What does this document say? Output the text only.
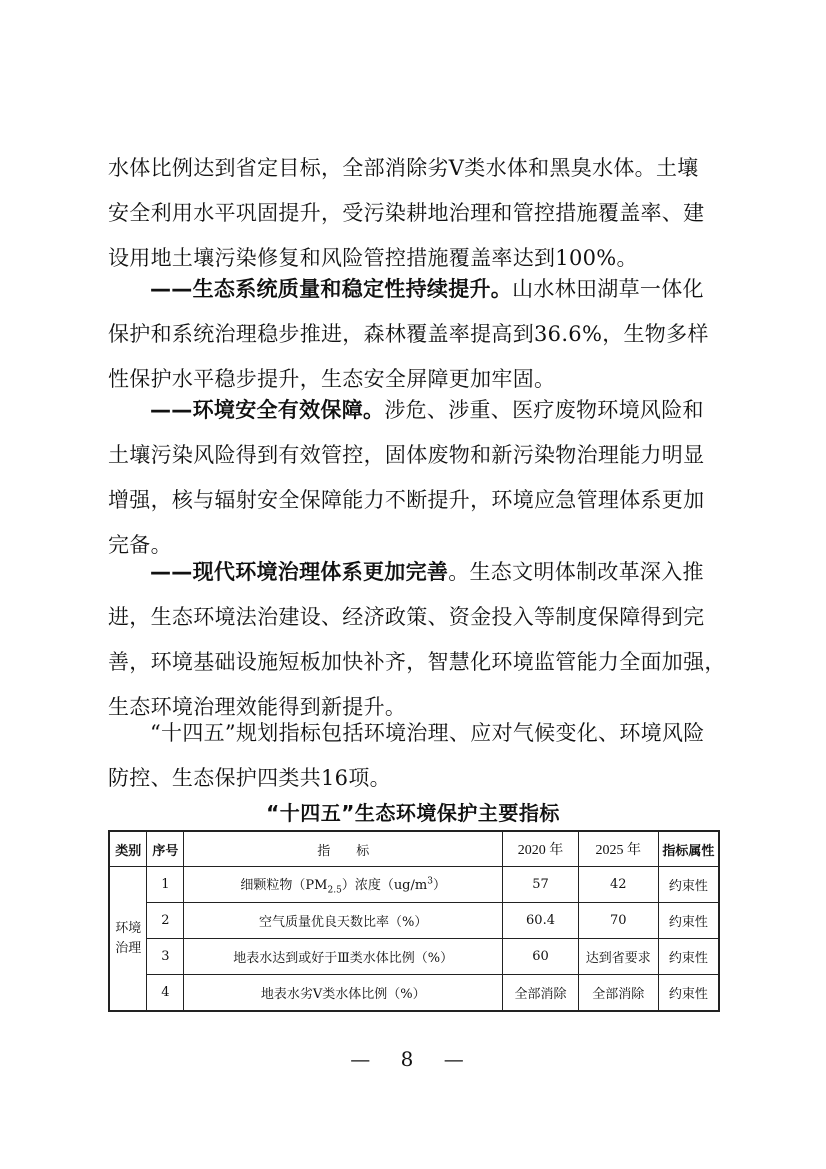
水体比例达到省定目标，全部消除劣V类水体和黑臭水体。土壤
安全利用水平巩固提升，受污染耕地治理和管控措施覆盖率、建
设用地土壤污染修复和风险管控措施覆盖率达到100%。
——生态系统质量和稳定性持续提升。山水林田湖草一体化
保护和系统治理稳步推进，森林覆盖率提高到36.6%，生物多样
性保护水平稳步提升，生态安全屏障更加牢固。
——环境安全有效保障。涉危、涉重、医疗废物环境风险和
土壤污染风险得到有效管控，固体废物和新污染物治理能力明显
增强，核与辐射安全保障能力不断提升，环境应急管理体系更加
完备。
——现代环境治理体系更加完善。生态文明体制改革深入推
进，生态环境法治建设、经济政策、资金投入等制度保障得到完
善，环境基础设施短板加快补齐，智慧化环境监管能力全面加强，
生态环境治理效能得到新提升。
“十四五”规划指标包括环境治理、应对气候变化、环境风险
防控、生态保护四类共16项。
“十四五”生态环境保护主要指标
类别	序号	指　　标	2020 年	2025 年	指标属性
环境
治理	1	细颗粒物$(PM_{2.5})$浓度$(ug/m^3)$	57	42	约束性
	2	空气质量优良天数比率（%）	60.4	70	约束性
	3	地表水达到或好于Ⅲ类水体比例（%）	60	达到省要求	约束性
	4	地表水劣Ⅴ类水体比例（%）	全部消除	全部消除	约束性
— 8 —
